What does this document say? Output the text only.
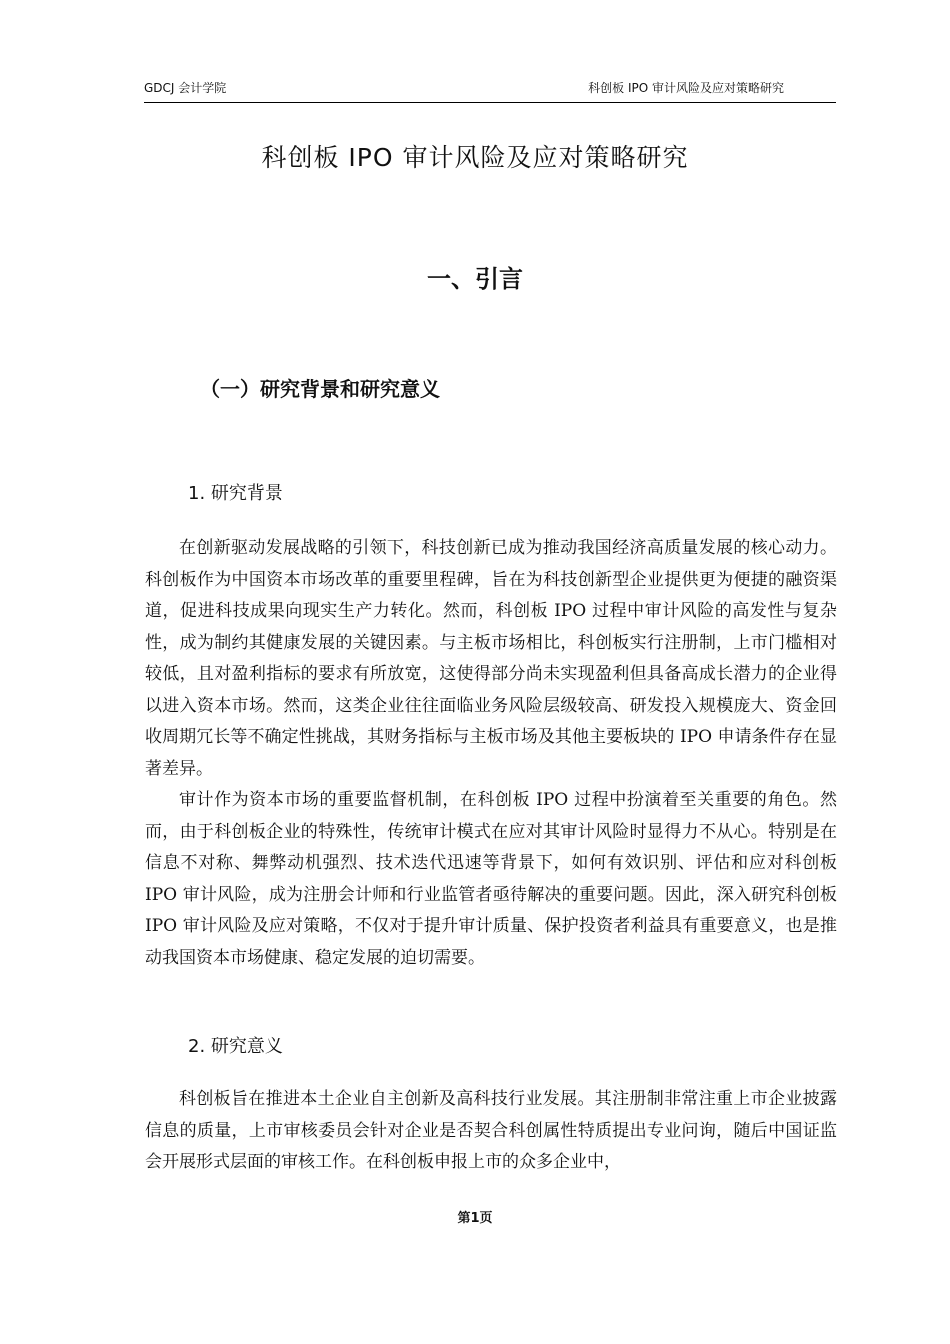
GDCJ 会计学院	科创板 IPO 审计风险及应对策略研究
科创板 IPO 审计风险及应对策略研究
一、引言
（一）研究背景和研究意义
1. 研究背景

在创新驱动发展战略的引领下，科技创新已成为推动我国经济高质量发展的核心动力。科创板作为中国资本市场改革的重要里程碑，旨在为科技创新型企业提供更为便捷的融资渠道，促进科技成果向现实生产力转化。然而，科创板 IPO 过程中审计风险的高发性与复杂性，成为制约其健康发展的关键因素。与主板市场相比，科创板实行注册制，上市门槛相对较低，且对盈利指标的要求有所放宽，这使得部分尚未实现盈利但具备高成长潜力的企业得以进入资本市场。然而，这类企业往往面临业务风险层级较高、研发投入规模庞大、资金回收周期冗长等不确定性挑战，其财务指标与主板市场及其他主要板块的 IPO 申请条件存在显著差异。

审计作为资本市场的重要监督机制，在科创板 IPO 过程中扮演着至关重要的角色。然而，由于科创板企业的特殊性，传统审计模式在应对其审计风险时显得力不从心。特别是在信息不对称、舞弊动机强烈、技术迭代迅速等背景下，如何有效识别、评估和应对科创板 IPO 审计风险，成为注册会计师和行业监管者亟待解决的重要问题。因此，深入研究科创板 IPO 审计风险及应对策略，不仅对于提升审计质量、保护投资者利益具有重要意义，也是推动我国资本市场健康、稳定发展的迫切需要。

2. 研究意义

科创板旨在推进本土企业自主创新及高科技行业发展。其注册制非常注重上市企业披露信息的质量，上市审核委员会针对企业是否契合科创属性特质提出专业问询，随后中国证监会开展形式层面的审核工作。在科创板申报上市的众多企业中，

第1页
